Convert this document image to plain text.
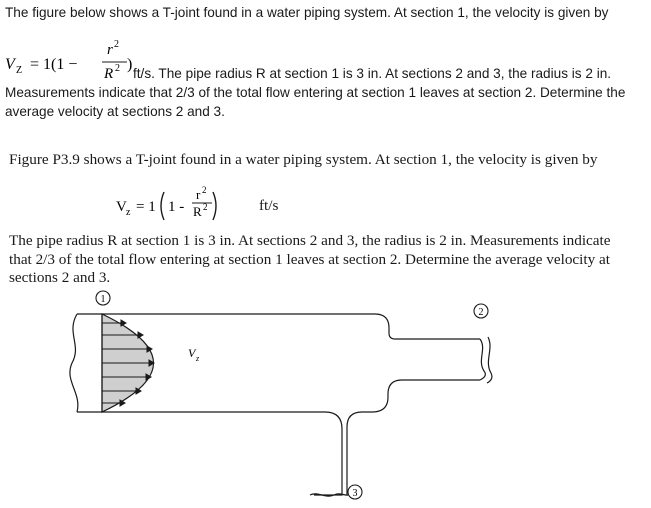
The figure below shows a T-joint found in a water piping system. At section 1, the velocity is given by
V Z = 1(1 −
r 2
R 2 )
ft/s. The pipe radius R at section 1 is 3 in. At sections 2 and 3, the radius is 2 in.
Measurements indicate that 2/3 of the total flow entering at section 1 leaves at section 2. Determine the average velocity at sections 2 and 3.
Figure P3.9 shows a T-joint found in a water piping system. At section 1, the velocity is given by
V z = 1 1 -
r 2
R 2	ft/s
The pipe radius R at section 1 is 3 in. At sections 2 and 3, the radius is 2 in. Measurements indicate that 2/3 of the total flow entering at section 1 leaves at section 2. Determine the average velocity at sections 2 and 3.
V z
1
2
3
